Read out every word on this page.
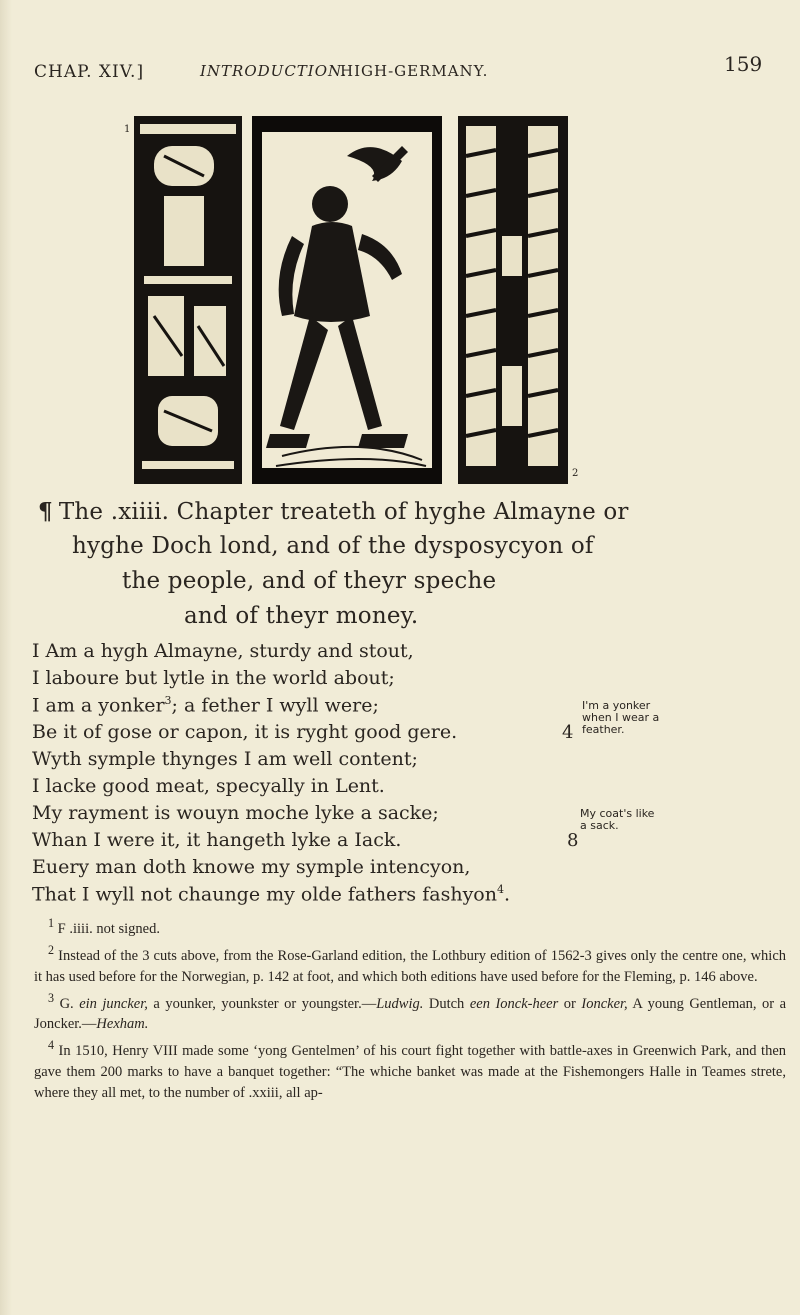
CHAP. XIV.]	INTRODUCTION.
HIGH-GERMANY.	159
1
2
¶ The .xiiii. Chapter treateth of hyghe Almayne or
hyghe Doch lond, and of the dysposycyon of
the people, and of theyr speche
and of theyr money.
I Am a hygh Almayne, sturdy and stout,
I laboure but lytle in the world about;
I am a yonker$^3$; a fether I wyll were;
Be it of gose or capon, it is ryght good gere.
Wyth symple thynges I am well content;
I lacke good meat, specyally in Lent.
My rayment is wouyn moche lyke a sacke;
Whan I were it, it hangeth lyke a Iack.
Euery man doth knowe my symple intencyon,
That I wyll not chaunge my olde fathers fashyon$^4$.
4
8
I'm a yonker when I wear a feather.
My coat's like a sack.

$^1$ F .iiii. not signed.

$^2$ Instead of the 3 cuts above, from the Rose-Garland edition, the Lothbury edition of 1562-3 gives only the centre one, which it has used before for the Norwegian, p. 142 at foot, and which both editions have used before for the Fleming, p. 146 above.

$^3$ G. ein juncker, a younker, younkster or youngster.—Ludwig. Dutch een Ionck-heer or Ioncker, A young Gentleman, or a Joncker.—Hexham.

$^4$ In 1510, Henry VIII made some ‘yong Gentelmen’ of his court fight together with battle-axes in Greenwich Park, and then gave them 200 marks to have a banquet together: “The whiche banket was made at the Fishemongers Halle in Teames strete, where they all met, to the number of .xxiii, all ap-
